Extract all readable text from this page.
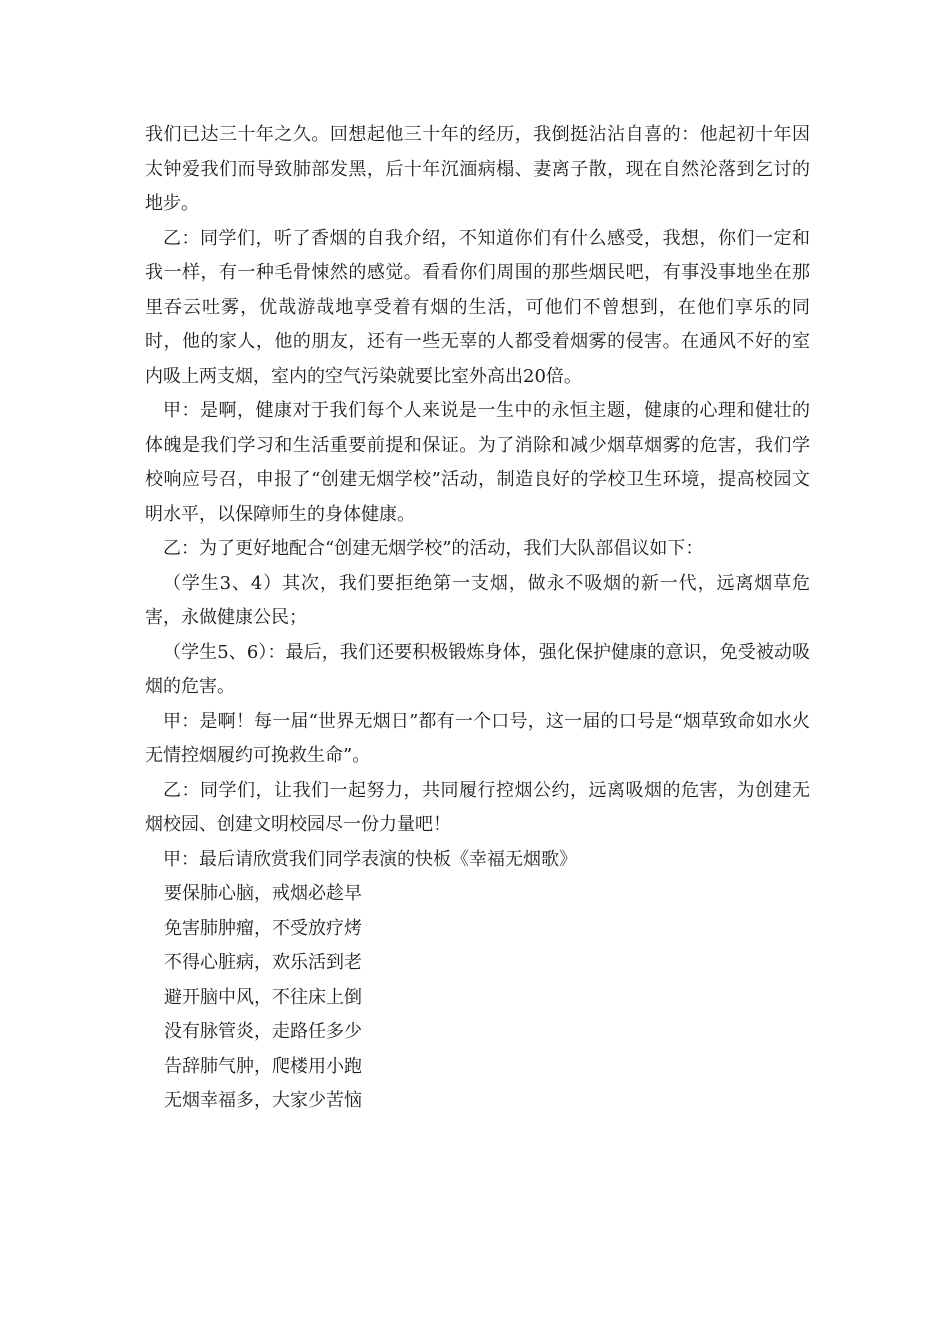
我们已达三十年之久。回想起他三十年的经历，我倒挺沾沾自喜的：他起初十年因太钟爱我们而导致肺部发黑，后十年沉湎病榻、妻离子散，现在自然沦落到乞讨的地步。

乙：同学们，听了香烟的自我介绍，不知道你们有什么感受，我想，你们一定和我一样，有一种毛骨悚然的感觉。看看你们周围的那些烟民吧，有事没事地坐在那里吞云吐雾，优哉游哉地享受着有烟的生活，可他们不曾想到，在他们享乐的同时，他的家人，他的朋友，还有一些无辜的人都受着烟雾的侵害。在通风不好的室内吸上两支烟，室内的空气污染就要比室外高出20倍。

甲：是啊，健康对于我们每个人来说是一生中的永恒主题，健康的心理和健壮的体魄是我们学习和生活重要前提和保证。为了消除和减少烟草烟雾的危害，我们学校响应号召，申报了“创建无烟学校”活动，制造良好的学校卫生环境，提高校园文明水平，以保障师生的身体健康。

乙：为了更好地配合“创建无烟学校”的活动，我们大队部倡议如下：

（学生3、4）其次，我们要拒绝第一支烟，做永不吸烟的新一代，远离烟草危害，永做健康公民；

（学生5、6）：最后，我们还要积极锻炼身体，强化保护健康的意识，免受被动吸烟的危害。

甲：是啊！每一届“世界无烟日”都有一个口号，这一届的口号是“烟草致命如水火无情控烟履约可挽救生命”。

乙：同学们，让我们一起努力，共同履行控烟公约，远离吸烟的危害，为创建无烟校园、创建文明校园尽一份力量吧！

甲：最后请欣赏我们同学表演的快板《幸福无烟歌》

要保肺心脑，戒烟必趁早

免害肺肿瘤，不受放疗烤

不得心脏病，欢乐活到老

避开脑中风，不往床上倒

没有脉管炎，走路任多少

告辞肺气肿，爬楼用小跑

无烟幸福多，大家少苦恼
